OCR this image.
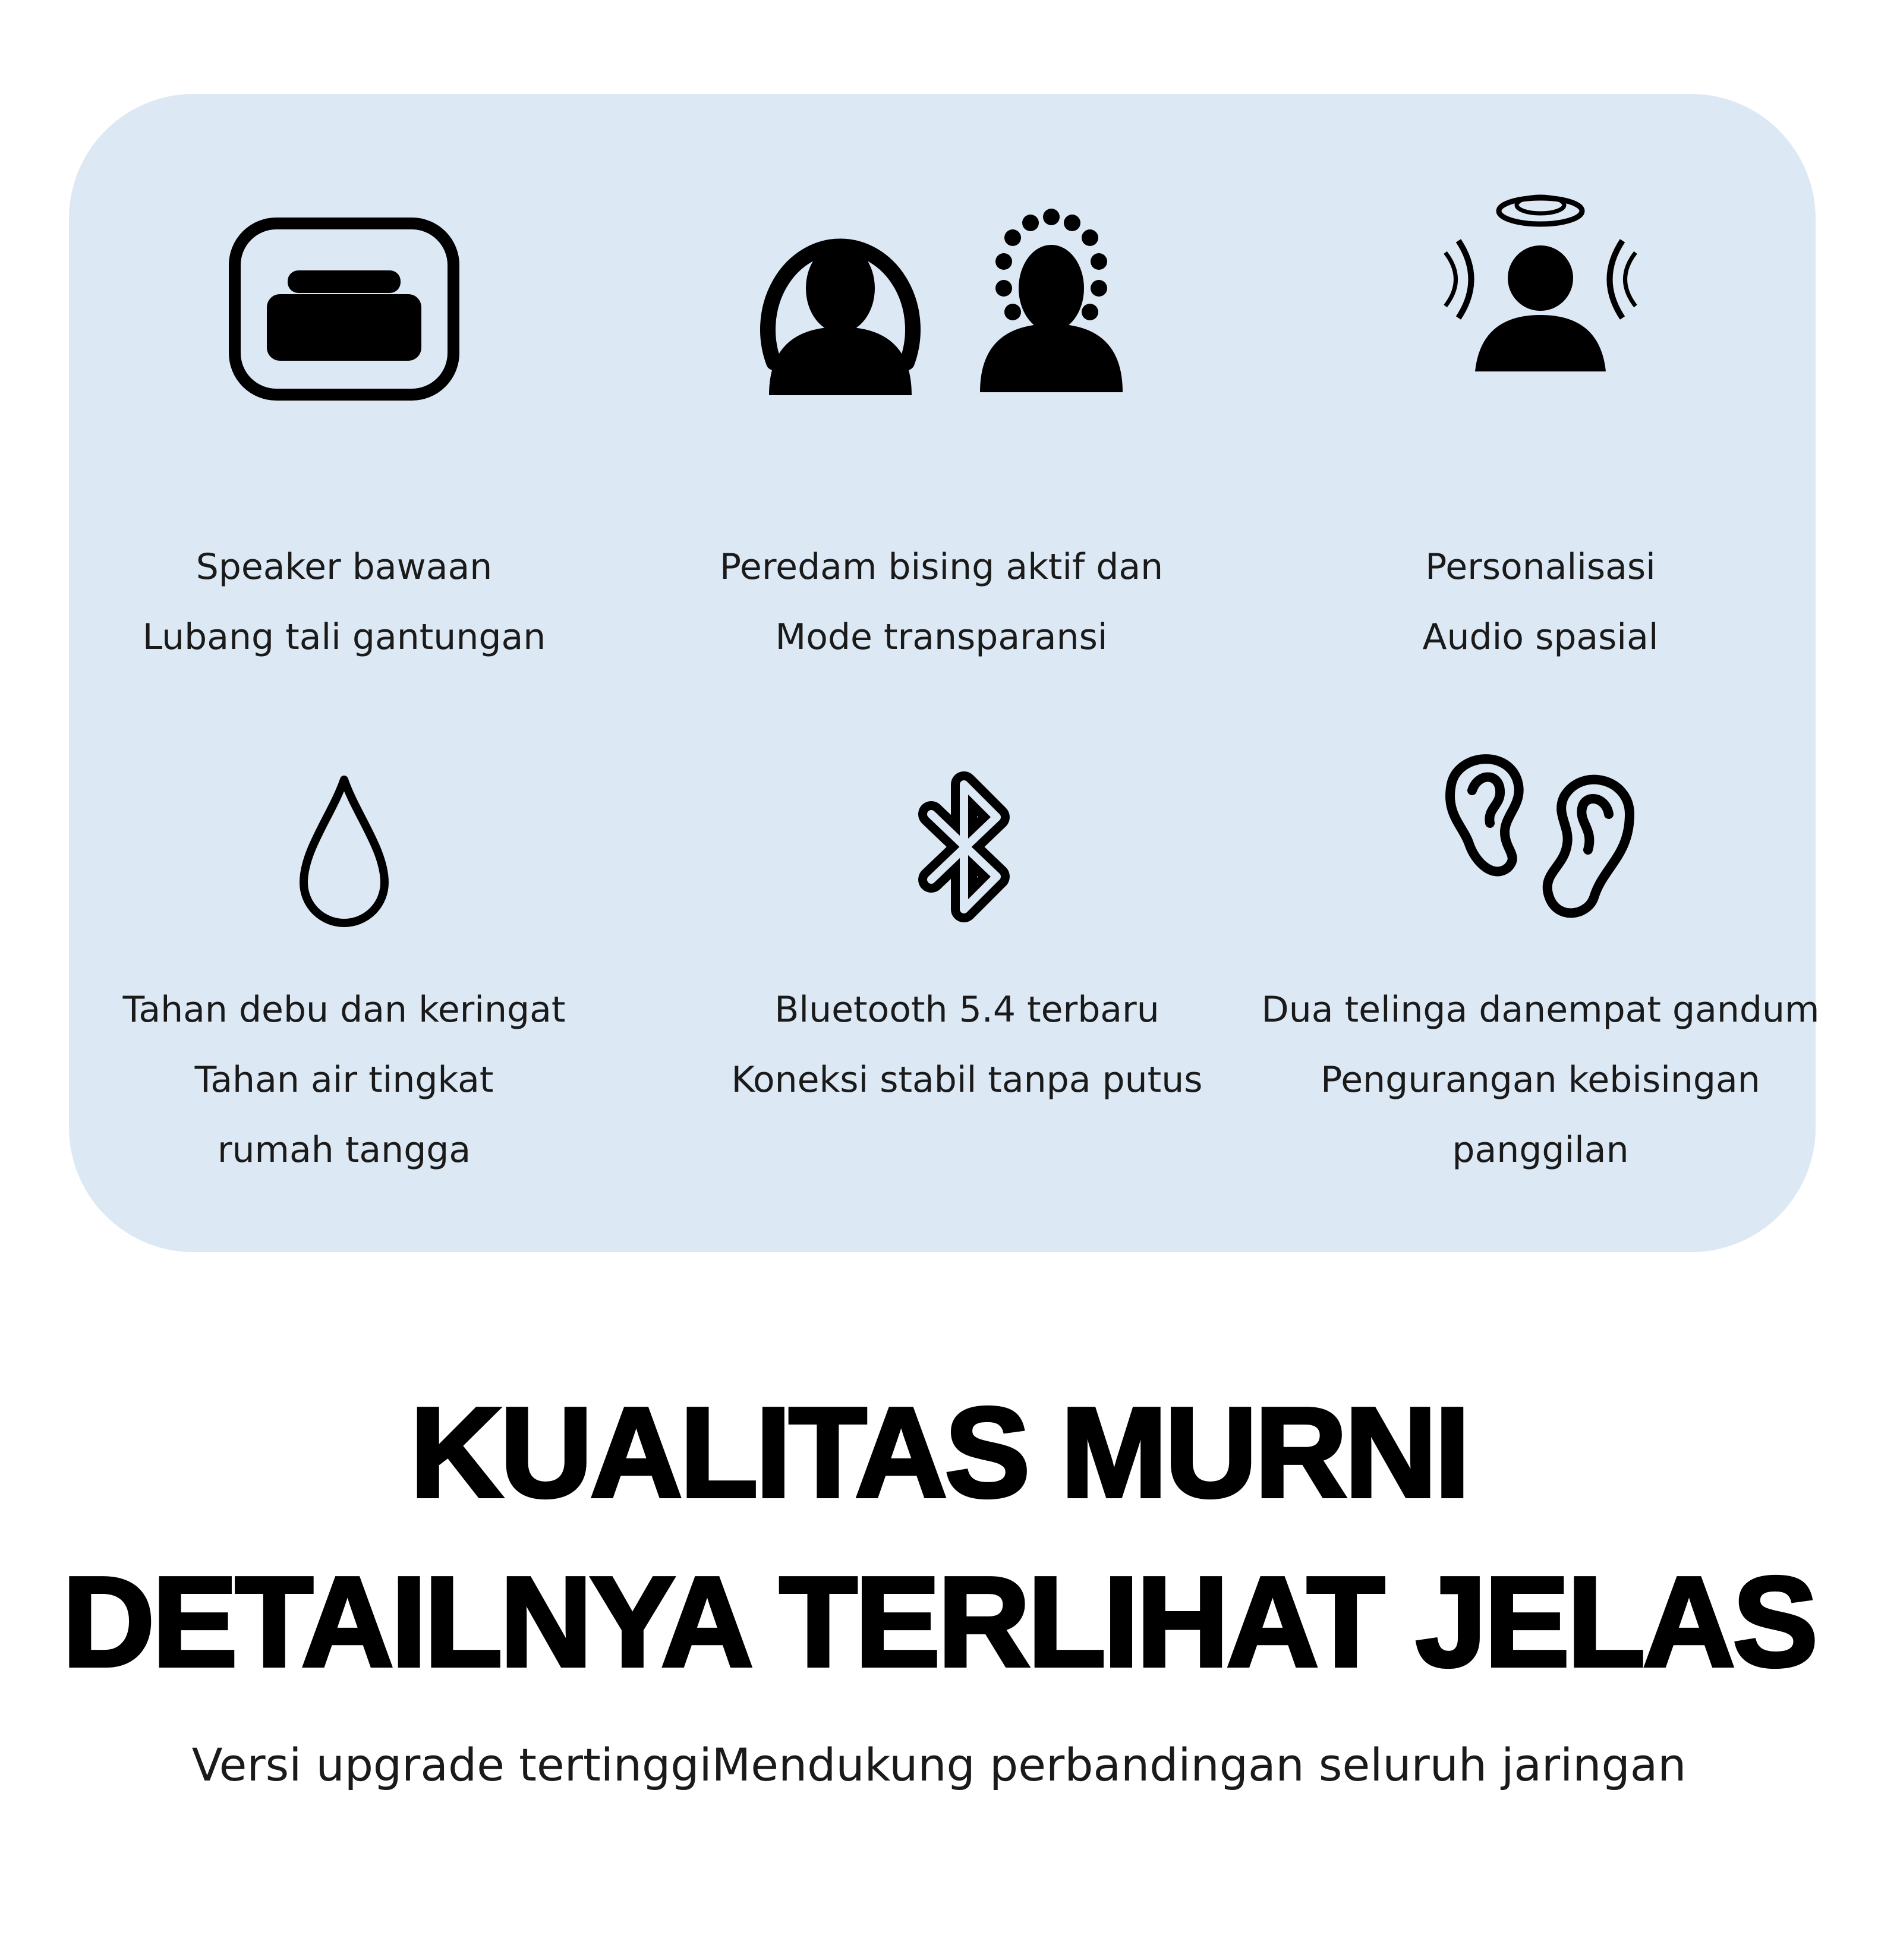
Speaker bawaan
Lubang tali gantungan
Peredam bising aktif dan
Mode transparansi
Personalisasi
Audio spasial
Tahan debu dan keringat
Tahan air tingkat
rumah tangga
Bluetooth 5.4 terbaru
Koneksi stabil tanpa putus
Dua telinga danempat gandum
Pengurangan kebisingan
panggilan
KUALITAS MURNI
DETAILNYA TERLIHAT JELAS
Versi upgrade tertinggiMendukung perbandingan seluruh jaringan
